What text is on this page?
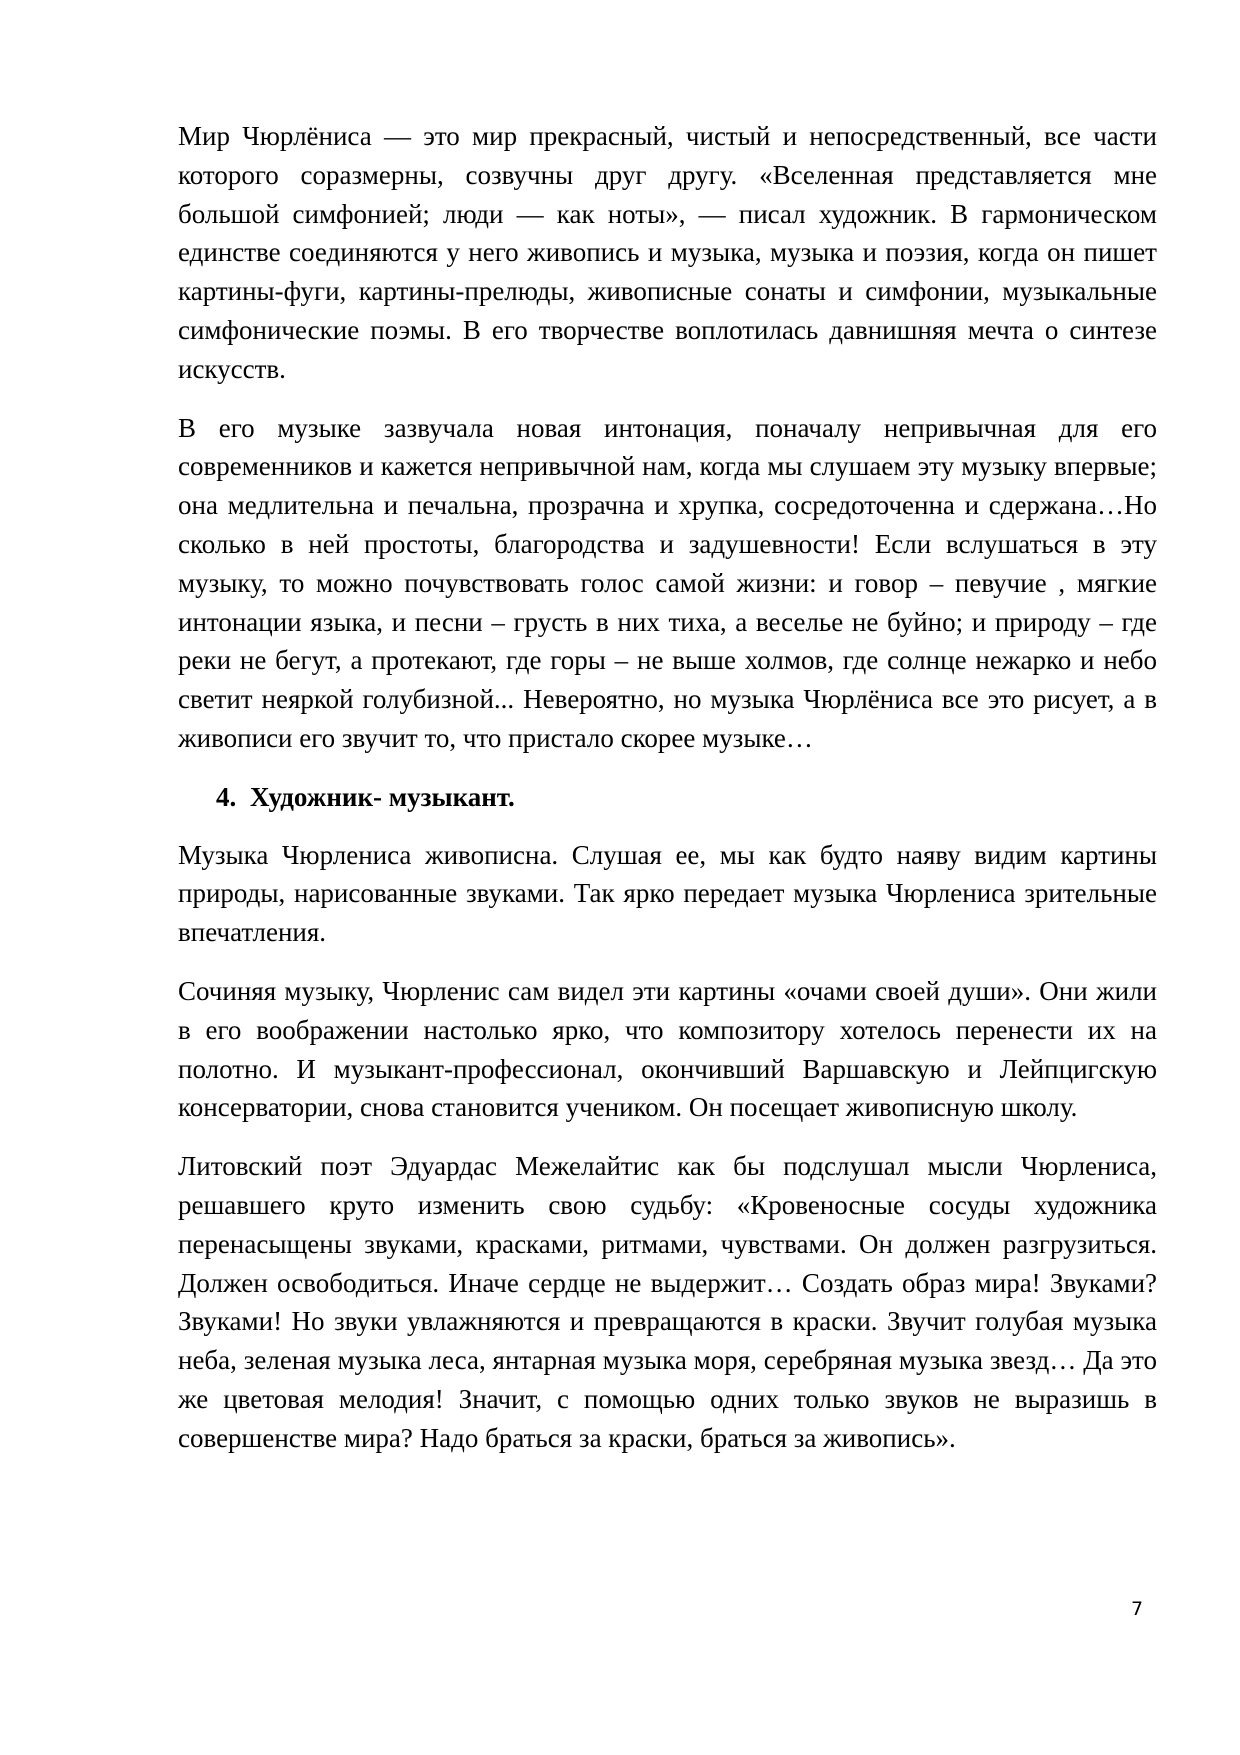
Мир Чюрлёниса — это мир прекрасный, чистый и непосредственный, все части которого соразмерны, созвучны друг другу. «Вселенная представляется мне большой симфонией; люди — как ноты», — писал художник. В гармоническом единстве соединяются у него живопись и музыка, музыка и поэзия, когда он пишет картины-фуги, картины-прелюды, живописные сонаты и симфонии, музыкальные симфонические поэмы. В его творчестве воплотилась давнишняя мечта о синтезе искусств.

В его музыке зазвучала новая интонация, поначалу непривычная для его современников и кажется непривычной нам, когда мы слушаем эту музыку впервые; она медлительна и печальна, прозрачна и хрупка, сосредоточенна и сдержана…Но сколько в ней простоты, благородства и задушевности! Если вслушаться в эту музыку, то можно почувствовать голос самой жизни: и говор – певучие , мягкие интонации языка, и песни – грусть в них тиха, а веселье не буйно; и природу – где реки не бегут, а протекают, где горы – не выше холмов, где солнце нежарко и небо светит неяркой голубизной... Невероятно, но музыка Чюрлёниса все это рисует, а в живописи его звучит то, что пристало скорее музыке…

4. Художник- музыкант.

Музыка Чюрлениса живописна. Слушая ее, мы как будто наяву видим картины природы, нарисованные звуками. Так ярко передает музыка Чюрлениса зрительные впечатления.

Сочиняя музыку, Чюрленис сам видел эти картины «очами своей души». Они жили в его воображении настолько ярко, что композитору хотелось перенести их на полотно. И музыкант-профессионал, окончивший Варшавскую и Лейпцигскую консерватории, снова становится учеником. Он посещает живописную школу.

Литовский поэт Эдуардас Межелайтис как бы подслушал мысли Чюрлениса, решавшего круто изменить свою судьбу: «Кровеносные сосуды художника перенасыщены звуками, красками, ритмами, чувствами. Он должен разгрузиться. Должен освободиться. Иначе сердце не выдержит… Создать образ мира! Звуками? Звуками! Но звуки увлажняются и превращаются в краски. Звучит голубая музыка неба, зеленая музыка леса, янтарная музыка моря, серебряная музыка звезд… Да это же цветовая мелодия! Значит, с помощью одних только звуков не выразишь в совершенстве мира? Надо браться за краски, браться за живопись».

7
